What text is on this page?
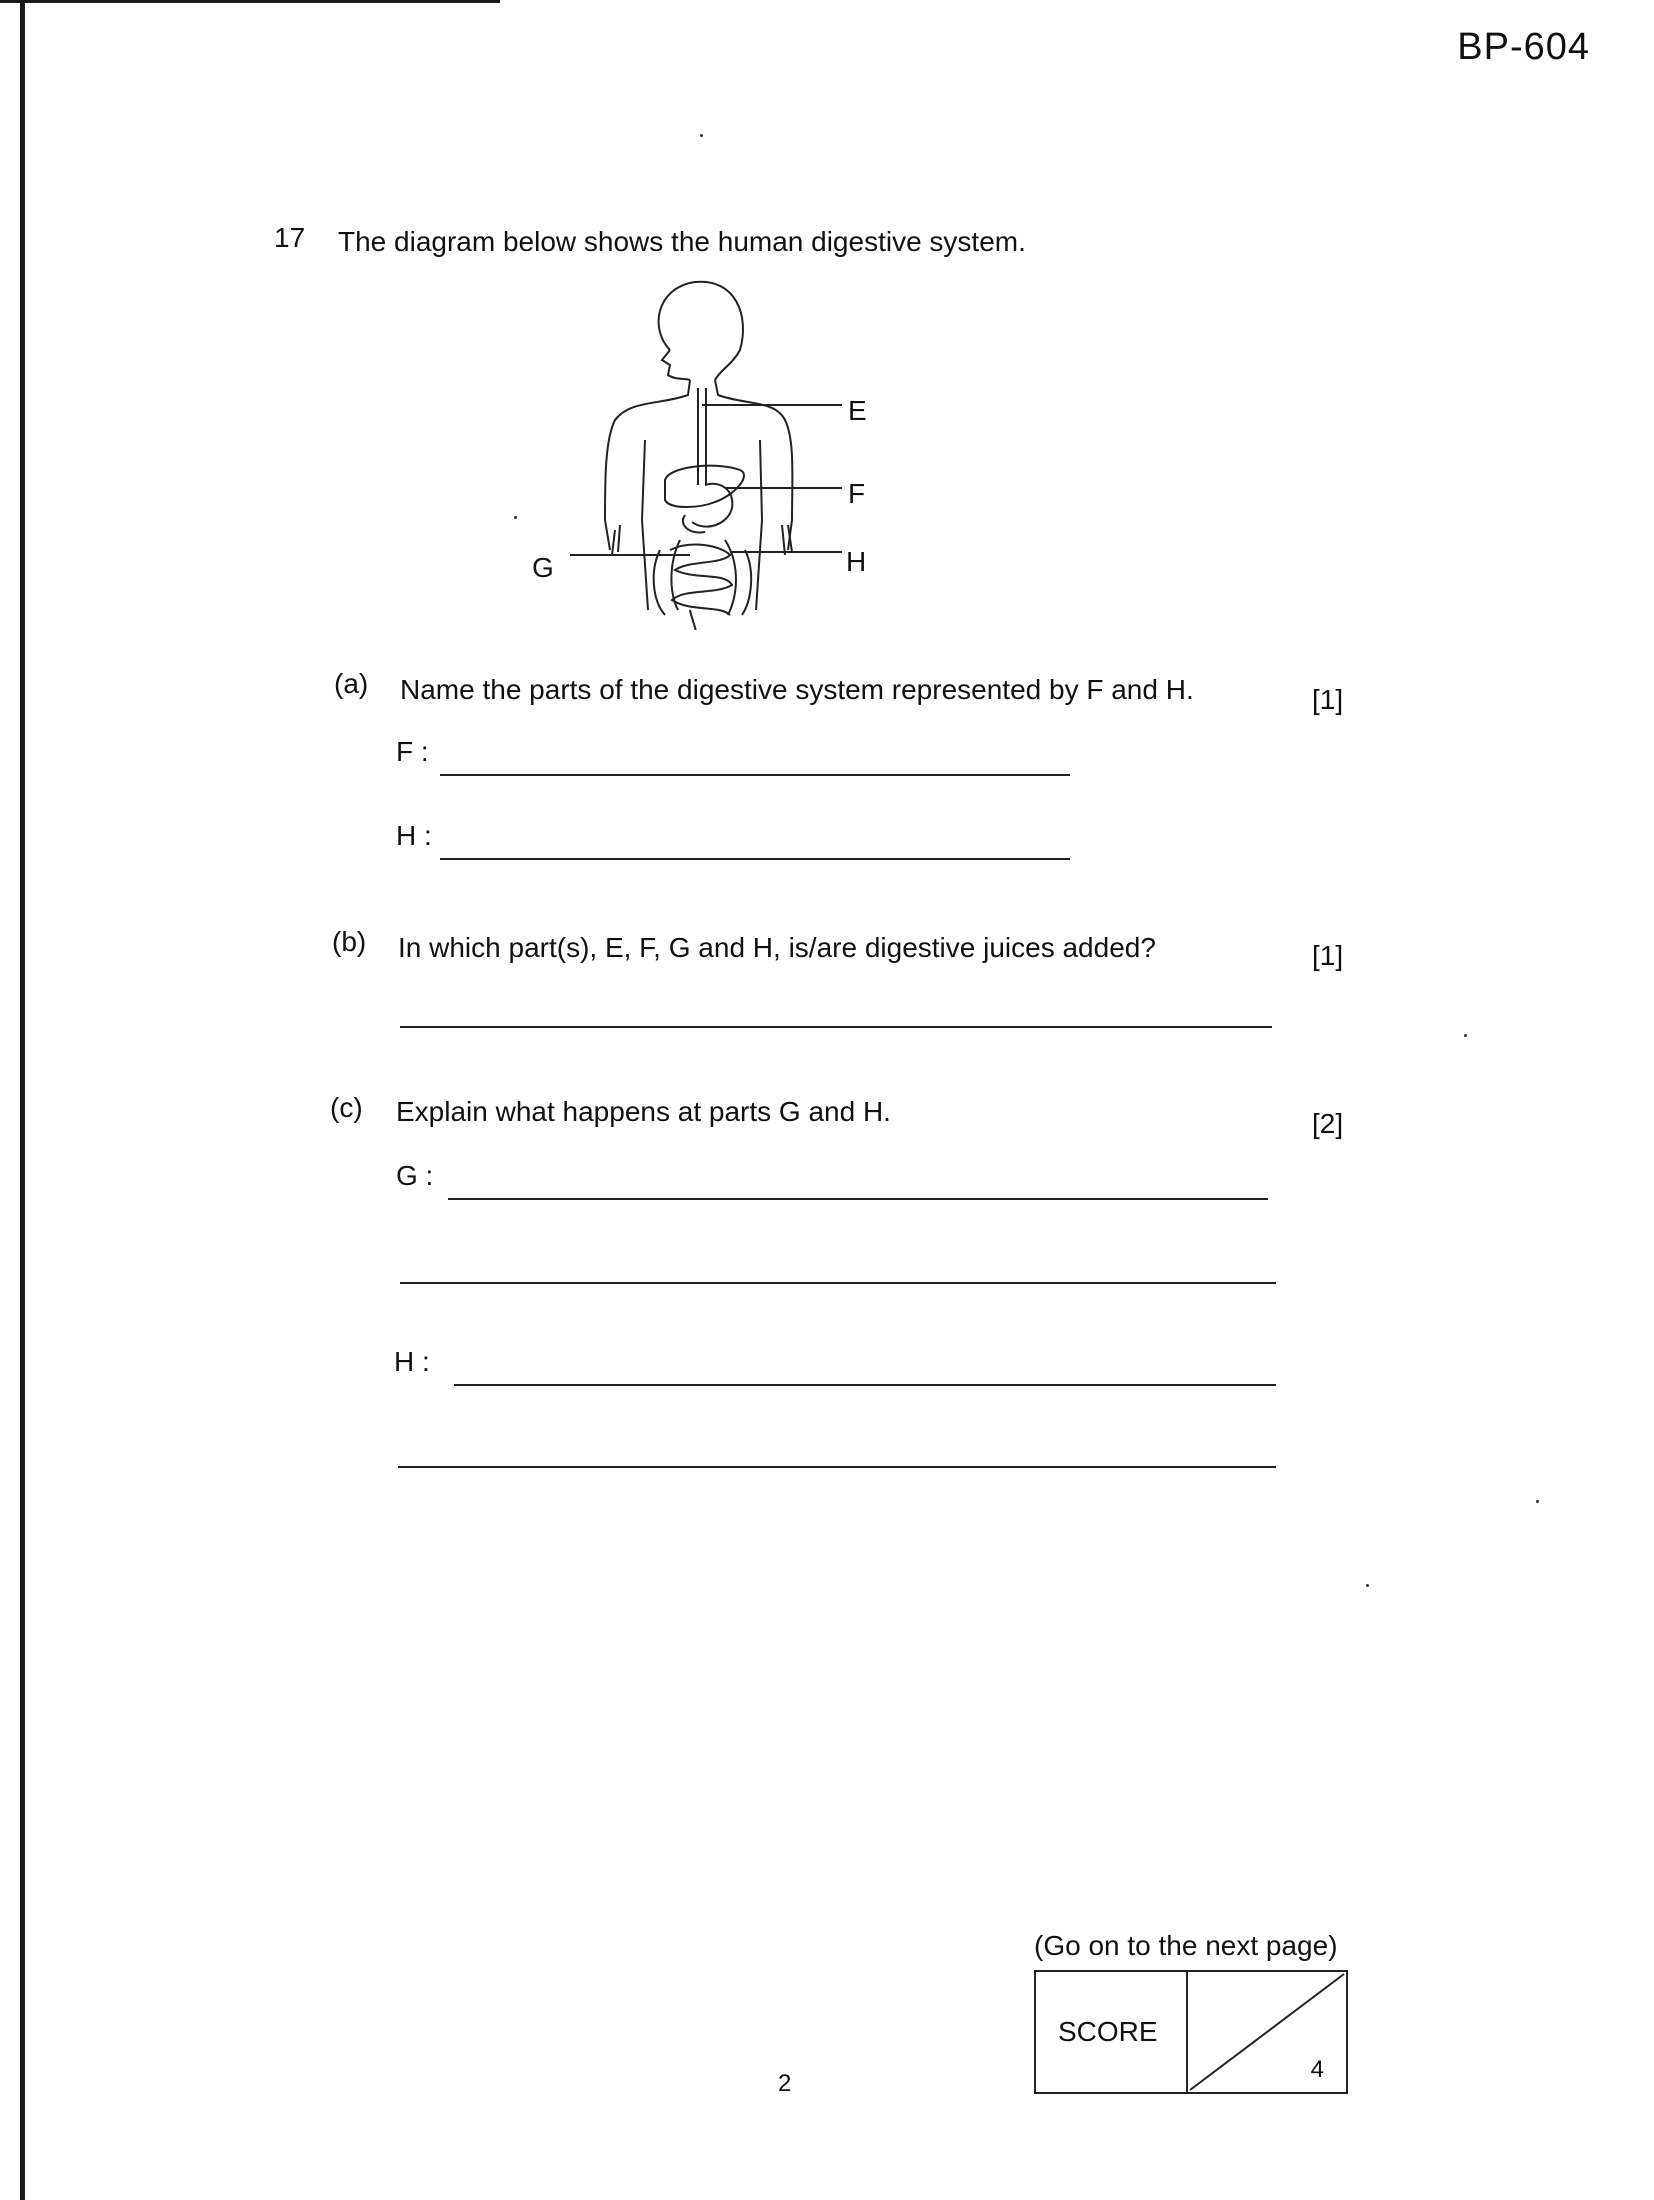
BP-604
17 The diagram below shows the human digestive system.
E
F
G	H
(a) Name the parts of the digestive system represented by F and H.	[1]
F :
H :
(b) In which part(s), E, F, G and H, is/are digestive juices added?	[1]
(c) Explain what happens at parts G and H.	[2]
G :
H :
(Go on to the next page)
SCORE
4
2
